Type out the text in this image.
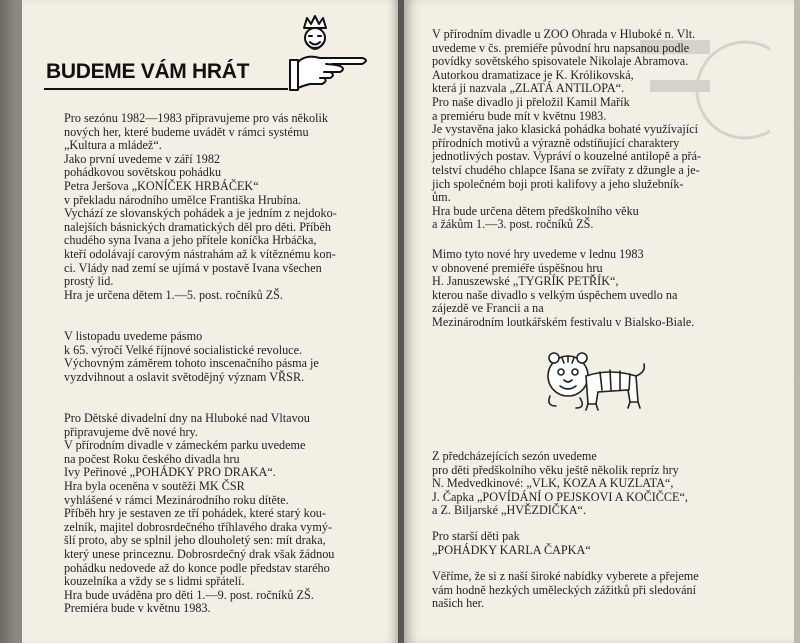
BUDEME VÁM HRÁT

Pro sezónu 1982—1983 připravujeme pro vás několik
nových her, které budeme uvádět v rámci systému
„Kultura a mládež“.
Jako první uvedeme v září 1982
pohádkovou sovětskou pohádku
Petra Jeršova „KONÍČEK HRBÁČEK“
v překladu národního umělce Františka Hrubína.
Vychází ze slovanských pohádek a je jedním z nejdoko-
nalejších básnických dramatických děl pro děti. Příběh
chudého syna Ivana a jeho přítele koníčka Hrbáčka,
kteří odolávají carovým nástrahám až k vítěznému kon-
ci. Vlády nad zemí se ujímá v postavě Ivana všechen
prostý lid.
Hra je určena dětem 1.—5. post. ročníků ZŠ.

V listopadu uvedeme pásmo
k 65. výročí Velké říjnové socialistické revoluce.
Výchovným záměrem tohoto inscenačního pásma je
vyzdvihnout a oslavit světodějný význam VŘSR.

Pro Dětské divadelní dny na Hluboké nad Vltavou
připravujeme dvě nové hry.
V přírodním divadle v zámeckém parku uvedeme
na počest Roku českého divadla hru
Ivy Peřinové „POHÁDKY PRO DRAKA“.
Hra byla oceněna v soutěži MK ČSR
vyhlášené v rámci Mezinárodního roku dítěte.
Příběh hry je sestaven ze tří pohádek, které starý kou-
zelník, majitel dobrosrdečného tříhlavého draka vymý-
šlí proto, aby se splnil jeho dlouholetý sen: mít draka,
který unese princeznu. Dobrosrdečný drak však žádnou
pohádku nedovede až do konce podle představ starého
kouzelníka a vždy se s lidmi spřátelí.
Hra bude uváděna pro děti 1.—9. post. ročníků ZŠ.
Premiéra bude v květnu 1983.

V přírodním divadle u ZOO Ohrada v Hluboké n. Vlt.
uvedeme v čs. premiéře původní hru napsanou podle
povídky sovětského spisovatele Nikolaje Abramova.
Autorkou dramatizace je K. Królikovská,
která ji nazvala „ZLATÁ ANTILOPA“.
Pro naše divadlo ji přeložil Kamil Mařík
a premiéru bude mít v květnu 1983.
Je vystavěna jako klasická pohádka bohaté využívající
přírodních motivů a výrazně odstíňující charaktery
jednotlivých postav. Vypráví o kouzelné antilopě a přá-
telství chudého chlapce Išana se zvířaty z džungle a je-
jich společném boji proti kalifovy a jeho služebník-
ům.
Hra bude určena dětem předškolního věku
a žákům 1.—3. post. ročníků ZŠ.

Mimo tyto nové hry uvedeme v lednu 1983
v obnovené premiéře úspěšnou hru
H. Januszewské „TYGRÍK PETŘÍK“,
kterou naše divadlo s velkým úspěchem uvedlo na
zájezdě ve Francii a na
Mezinárodním loutkářském festivalu v Bialsko-Biale.

Z předcházejících sezón uvedeme
pro děti předškolního věku ještě několik repríz hry
N. Medvedkinové: „VLK, KOZA A KUZLATA“,
J. Čapka „POVÍDÁNÍ O PEJSKOVI A KOČIČCE“,
a Z. Biljarské „HVĚZDIČKA“.

Pro starší děti pak
„POHÁDKY KARLA ČAPKA“

Věříme, že si z naší široké nabídky vyberete a přejeme
vám hodně hezkých uměleckých zážitků při sledování
našich her.
